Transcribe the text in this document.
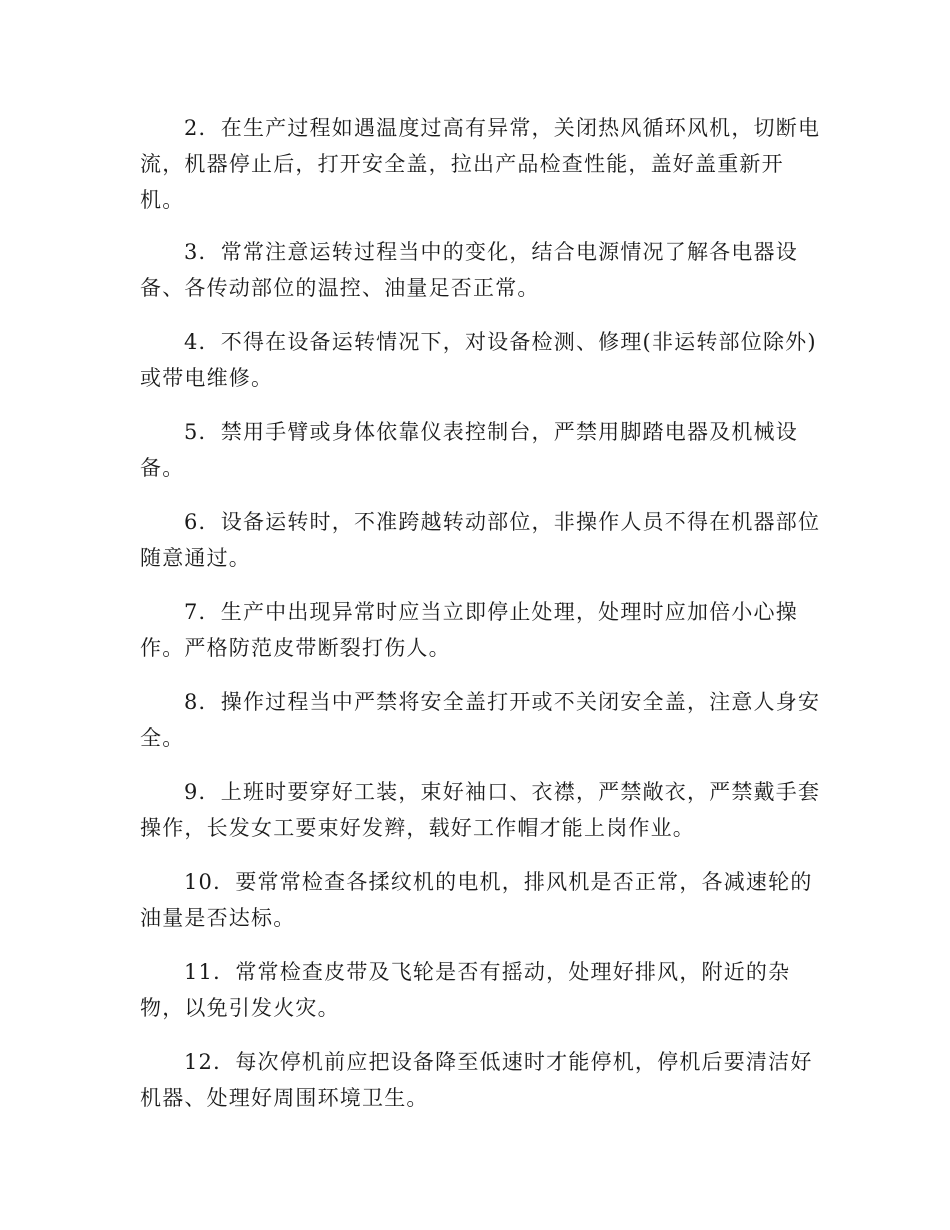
2．在生产过程如遇温度过高有异常，关闭热风循环风机，切断电
流，机器停止后，打开安全盖，拉出产品检查性能，盖好盖重新开
机。

3．常常注意运转过程当中的变化，结合电源情况了解各电器设
备、各传动部位的温控、油量足否正常。

4．不得在设备运转情况下，对设备检测、修理(非运转部位除外)
或带电维修。

5．禁用手臂或身体依靠仪表控制台，严禁用脚踏电器及机械设
备。

6．设备运转时，不准跨越转动部位，非操作人员不得在机器部位
随意通过。

7．生产中出现异常时应当立即停止处理，处理时应加倍小心操
作。严格防范皮带断裂打伤人。

8．操作过程当中严禁将安全盖打开或不关闭安全盖，注意人身安
全。

9．上班时要穿好工装，束好袖口、衣襟，严禁敞衣，严禁戴手套
操作，长发女工要束好发辫，载好工作帽才能上岗作业。

10．要常常检查各揉纹机的电机，排风机是否正常，各减速轮的
油量是否达标。

11．常常检查皮带及飞轮是否有摇动，处理好排风，附近的杂
物，以免引发火灾。

12．每次停机前应把设备降至低速时才能停机，停机后要清洁好
机器、处理好周围环境卫生。
